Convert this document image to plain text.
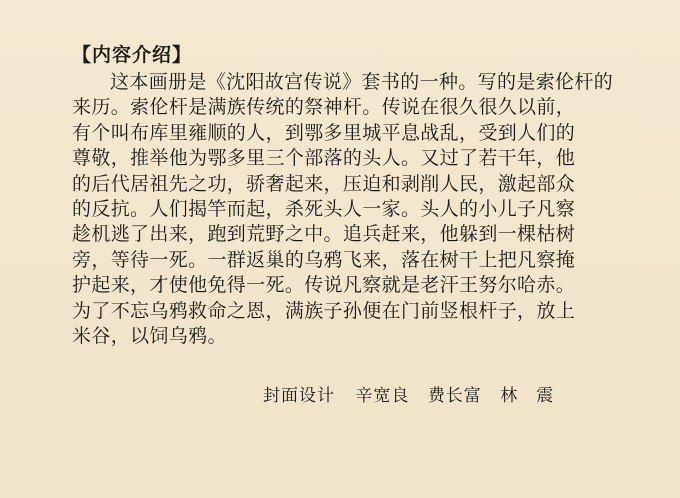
【内容介绍】
这本画册是《沈阳故宫传说》套书的一种。写的是索伦杆的
来历。索伦杆是满族传统的祭神杆。传说在很久很久以前，
有个叫布库里雍顺的人，到鄂多里城平息战乱，受到人们的
尊敬，推举他为鄂多里三个部落的头人。又过了若干年，他
的后代居祖先之功，骄奢起来，压迫和剥削人民，激起部众
的反抗。人们揭竿而起，杀死头人一家。头人的小儿子凡察
趁机逃了出来，跑到荒野之中。追兵赶来，他躲到一棵枯树
旁，等待一死。一群返巢的乌鸦飞来，落在树干上把凡察掩
护起来，才使他免得一死。传说凡察就是老汗王努尔哈赤。
为了不忘乌鸦救命之恩，满族子孙便在门前竖根杆子，放上
米谷，以饲乌鸦。
封面设计 辛宽良 费长富 林　震
